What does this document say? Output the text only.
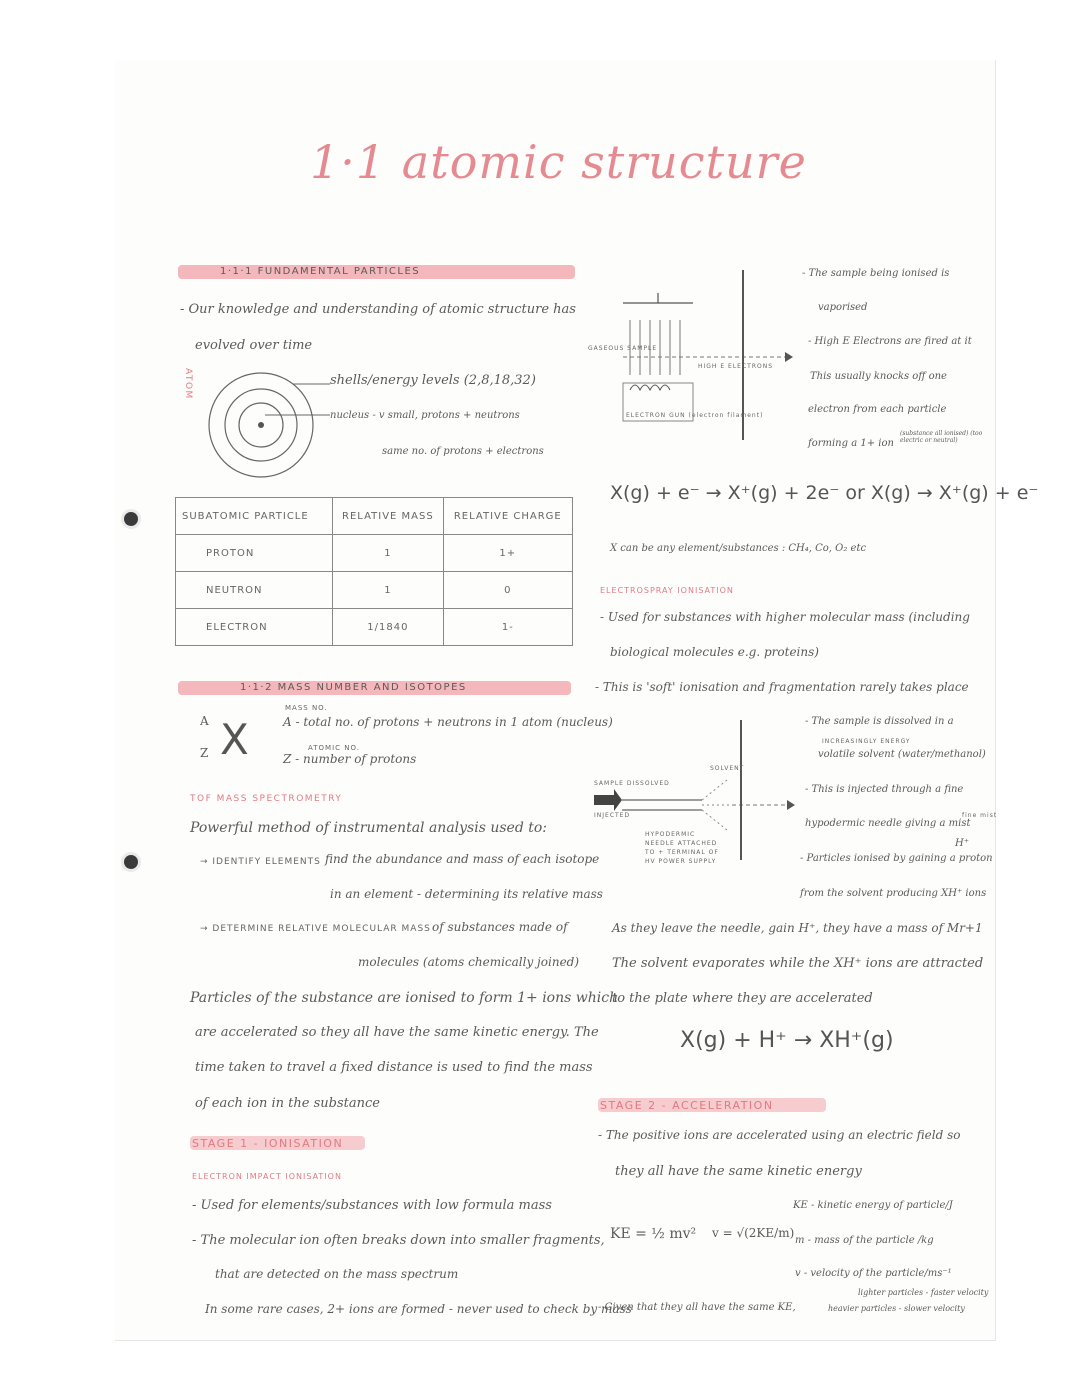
1·1 atomic structure
ATOM
1·1·1 FUNDAMENTAL PARTICLES
- Our knowledge and understanding of atomic structure has
evolved over time
shells/energy levels (2,8,18,32)
nucleus - v small, protons + neutrons
same no. of protons + electrons
SUBATOMIC PARTICLE	RELATIVE MASS	RELATIVE CHARGE
PROTON	1	1+
NEUTRON	1	0
ELECTRON	1/1840	1-
1·1·2 MASS NUMBER AND ISOTOPES
MASS NO.
A
Z X	A - total no. of protons + neutrons in 1 atom (nucleus)
ATOMIC NO.
Z - number of protons
TOF MASS SPECTROMETRY
Powerful method of instrumental analysis used to:
→ IDENTIFY ELEMENTS find the abundance and mass of each isotope
in an element - determining its relative mass
→ DETERMINE RELATIVE MOLECULAR MASS of substances made of
molecules (atoms chemically joined)
Particles of the substance are ionised to form 1+ ions which
are accelerated so they all have the same kinetic energy. The
time taken to travel a fixed distance is used to find the mass
of each ion in the substance
STAGE 1 - IONISATION
ELECTRON IMPACT IONISATION
- Used for elements/substances with low formula mass
- The molecular ion often breaks down into smaller fragments,
that are detected on the mass spectrum
In some rare cases, 2+ ions are formed - never used to check by mass
GASEOUS SAMPLE
ELECTRON GUN (electron filament)
HIGH E ELECTRONS
- The sample being ionised is
vaporised
- High E Electrons are fired at it
This usually knocks off one
electron from each particle
forming a 1+ ion
(substance all ionised) (too electric or neutral)
X(g) + e⁻ → X⁺(g) + 2e⁻ or X(g) → X⁺(g) + e⁻
X can be any element/substances : CH₄, Co, O₂ etc
ELECTROSPRAY IONISATION
- Used for substances with higher molecular mass (including
biological molecules e.g. proteins)
- This is 'soft' ionisation and fragmentation rarely takes place
SAMPLE DISSOLVED
INJECTED
SOLVENT
HYPODERMIC NEEDLE ATTACHED TO + TERMINAL OF HV POWER SUPPLY
- The sample is dissolved in a
INCREASINGLY ENERGY
volatile solvent (water/methanol)
- This is injected through a fine
hypodermic needle giving a mist
fine mist
H⁺
- Particles ionised by gaining a proton
from the solvent producing XH⁺ ions
As they leave the needle, gain H⁺, they have a mass of Mr+1
The solvent evaporates while the XH⁺ ions are attracted
to the plate where they are accelerated
X(g) + H⁺ → XH⁺(g)
STAGE 2 - ACCELERATION
- The positive ions are accelerated using an electric field so
they all have the same kinetic energy
KE = ½ mv² v = √(2KE/m)
KE - kinetic energy of particle/J
m - mass of the particle /kg
v - velocity of the particle/ms⁻¹
lighter particles - faster velocity
heavier particles - slower velocity
- Given that they all have the same KE,
